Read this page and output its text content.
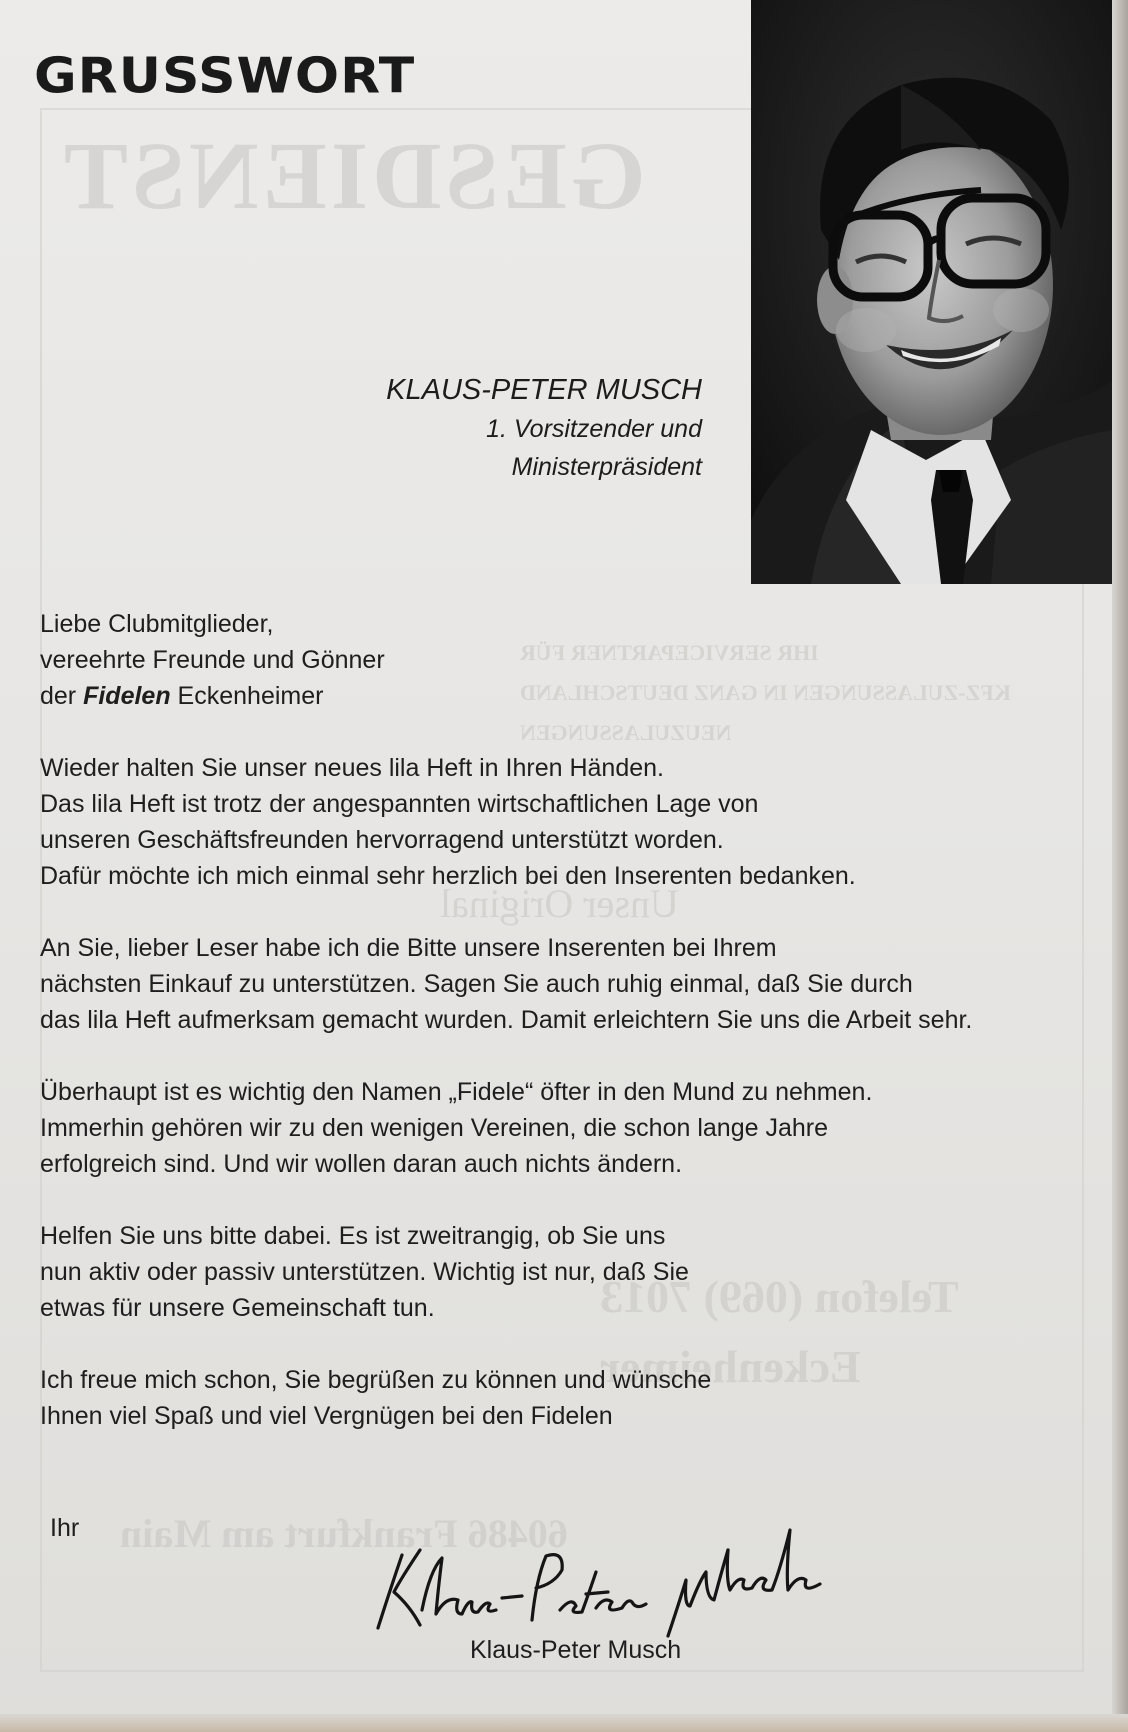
GESDIENST
IHR SERVICEPARTNER FÜR
KFZ-ZULASSUNGEN IN GANZ DEUTSCHLAND
NEUZULASSUNGEN
Unser Original
Telefon (069) 7013
Eckenheimer
60486 Frankfurt am Main
GRUSSWORT
KLAUS-PETER MUSCH
1. Vorsitzender und
Ministerpräsident

Liebe Clubmitglieder,
vereehrte Freunde und Gönner
der Fidelen Eckenheimer

Wieder halten Sie unser neues lila Heft in Ihren Händen.
Das lila Heft ist trotz der angespannten wirtschaftlichen Lage von
unseren Geschäftsfreunden hervorragend unterstützt worden.
Dafür möchte ich mich einmal sehr herzlich bei den Inserenten bedanken.

An Sie, lieber Leser habe ich die Bitte unsere Inserenten bei Ihrem
nächsten Einkauf zu unterstützen. Sagen Sie auch ruhig einmal, daß Sie durch
das lila Heft aufmerksam gemacht wurden. Damit erleichtern Sie uns die Arbeit sehr.

Überhaupt ist es wichtig den Namen „Fidele“ öfter in den Mund zu nehmen.
Immerhin gehören wir zu den wenigen Vereinen, die schon lange Jahre
erfolgreich sind. Und wir wollen daran auch nichts ändern.

Helfen Sie uns bitte dabei. Es ist zweitrangig, ob Sie uns
nun aktiv oder passiv unterstützen. Wichtig ist nur, daß Sie
etwas für unsere Gemeinschaft tun.

Ich freue mich schon, Sie begrüßen zu können und wünsche
Ihnen viel Spaß und viel Vergnügen bei den Fidelen

Ihr
Klaus-Peter Musch
